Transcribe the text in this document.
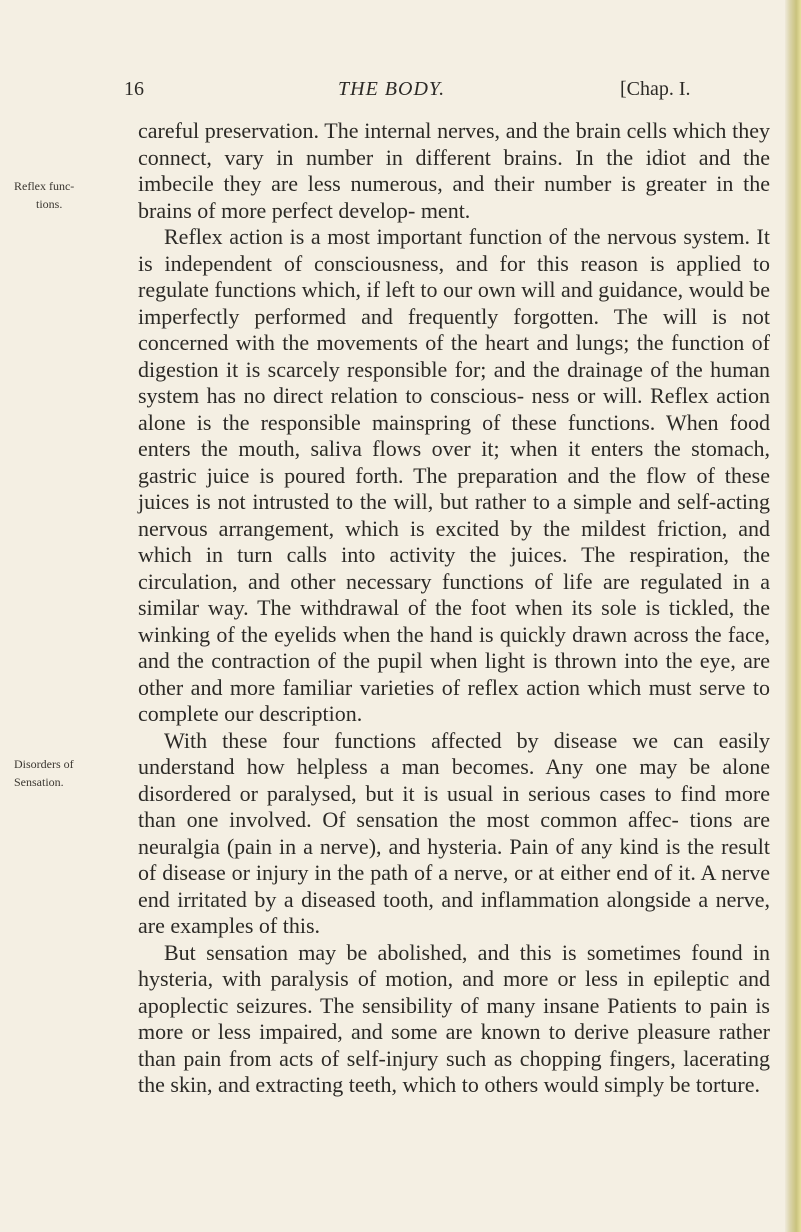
16	THE BODY.	[Chap. I.
Reflex func-
tions.
Disorders of
Sensation.

careful preservation. The internal nerves, and the brain cells which they connect, vary in number in different brains. In the idiot and the imbecile they are less numerous, and their number is greater in the brains of more perfect develop- ment.

Reflex action is a most important function of the nervous system. It is independent of consciousness, and for this reason is applied to regulate functions which, if left to our own will and guidance, would be imperfectly performed and frequently forgotten. The will is not concerned with the movements of the heart and lungs; the function of digestion it is scarcely responsible for; and the drainage of the human system has no direct relation to conscious- ness or will. Reflex action alone is the responsible mainspring of these functions. When food enters the mouth, saliva flows over it; when it enters the stomach, gastric juice is poured forth. The preparation and the flow of these juices is not intrusted to the will, but rather to a simple and self-acting nervous arrangement, which is excited by the mildest friction, and which in turn calls into activity the juices. The respiration, the circulation, and other necessary functions of life are regulated in a similar way. The withdrawal of the foot when its sole is tickled, the winking of the eyelids when the hand is quickly drawn across the face, and the contraction of the pupil when light is thrown into the eye, are other and more familiar varieties of reflex action which must serve to complete our description.

With these four functions affected by disease we can easily understand how helpless a man becomes. Any one may be alone disordered or paralysed, but it is usual in serious cases to find more than one involved. Of sensation the most common affec- tions are neuralgia (pain in a nerve), and hysteria. Pain of any kind is the result of disease or injury in the path of a nerve, or at either end of it. A nerve end irritated by a diseased tooth, and inflammation alongside a nerve, are examples of this.

But sensation may be abolished, and this is sometimes found in hysteria, with paralysis of motion, and more or less in epileptic and apoplectic seizures. The sensibility of many insane Patients to pain is more or less impaired, and some are known to derive pleasure rather than pain from acts of self-injury such as chopping fingers, lacerating the skin, and extracting teeth, which to others would simply be torture.
